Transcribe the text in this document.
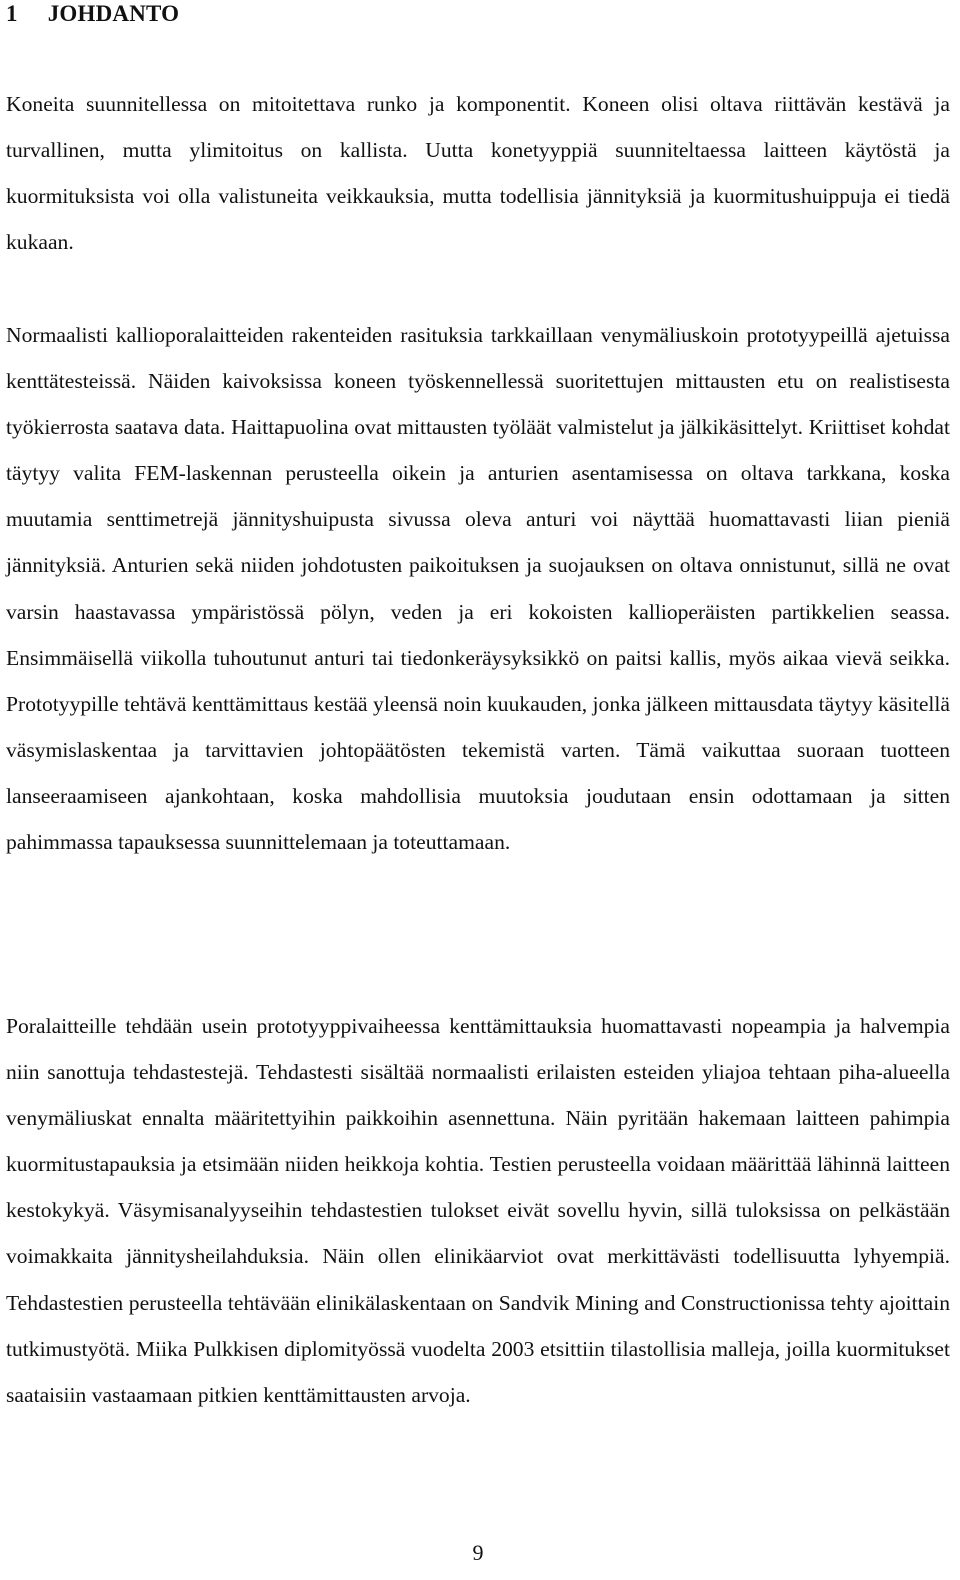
1 JOHDANTO

Koneita suunnitellessa on mitoitettava runko ja komponentit. Koneen olisi oltava riittävän kestävä ja turvallinen, mutta ylimitoitus on kallista. Uutta konetyyppiä suunniteltaessa laitteen käytöstä ja kuormituksista voi olla valistuneita veikkauksia, mutta todellisia jännityksiä ja kuormitushuippuja ei tiedä kukaan.

Normaalisti kallioporalaitteiden rakenteiden rasituksia tarkkaillaan venymäliuskoin prototyypeillä ajetuissa kenttätesteissä. Näiden kaivoksissa koneen työskennellessä suoritettujen mittausten etu on realistisesta työkierrosta saatava data. Haittapuolina ovat mittausten työläät valmistelut ja jälkikäsittelyt. Kriittiset kohdat täytyy valita FEM-laskennan perusteella oikein ja anturien asentamisessa on oltava tarkkana, koska muutamia senttimetrejä jännityshuipusta sivussa oleva anturi voi näyttää huomattavasti liian pieniä jännityksiä. Anturien sekä niiden johdotusten paikoituksen ja suojauksen on oltava onnistunut, sillä ne ovat varsin haastavassa ympäristössä pölyn, veden ja eri kokoisten kallioperäisten partikkelien seassa. Ensimmäisellä viikolla tuhoutunut anturi tai tiedonkeräysyksikkö on paitsi kallis, myös aikaa vievä seikka. Prototyypille tehtävä kenttämittaus kestää yleensä noin kuukauden, jonka jälkeen mittausdata täytyy käsitellä väsymislaskentaa ja tarvittavien johtopäätösten tekemistä varten. Tämä vaikuttaa suoraan tuotteen lanseeraamiseen ajankohtaan, koska mahdollisia muutoksia joudutaan ensin odottamaan ja sitten pahimmassa tapauksessa suunnittelemaan ja toteuttamaan.

Poralaitteille tehdään usein prototyyppivaiheessa kenttämittauksia huomattavasti nopeampia ja halvempia niin sanottuja tehdastestejä. Tehdastesti sisältää normaalisti erilaisten esteiden yliajoa tehtaan piha-alueella venymäliuskat ennalta määritettyihin paikkoihin asennettuna. Näin pyritään hakemaan laitteen pahimpia kuormitustapauksia ja etsimään niiden heikkoja kohtia. Testien perusteella voidaan määrittää lähinnä laitteen kestokykyä. Väsymisanalyyseihin tehdastestien tulokset eivät sovellu hyvin, sillä tuloksissa on pelkästään voimakkaita jännitysheilahduksia. Näin ollen elinikäarviot ovat merkittävästi todellisuutta lyhyempiä. Tehdastestien perusteella tehtävään elinikälaskentaan on Sandvik Mining and Constructionissa tehty ajoittain tutkimustyötä. Miika Pulkkisen diplomityössä vuodelta 2003 etsittiin tilastollisia malleja, joilla kuormitukset saataisiin vastaamaan pitkien kenttämittausten arvoja.

9
